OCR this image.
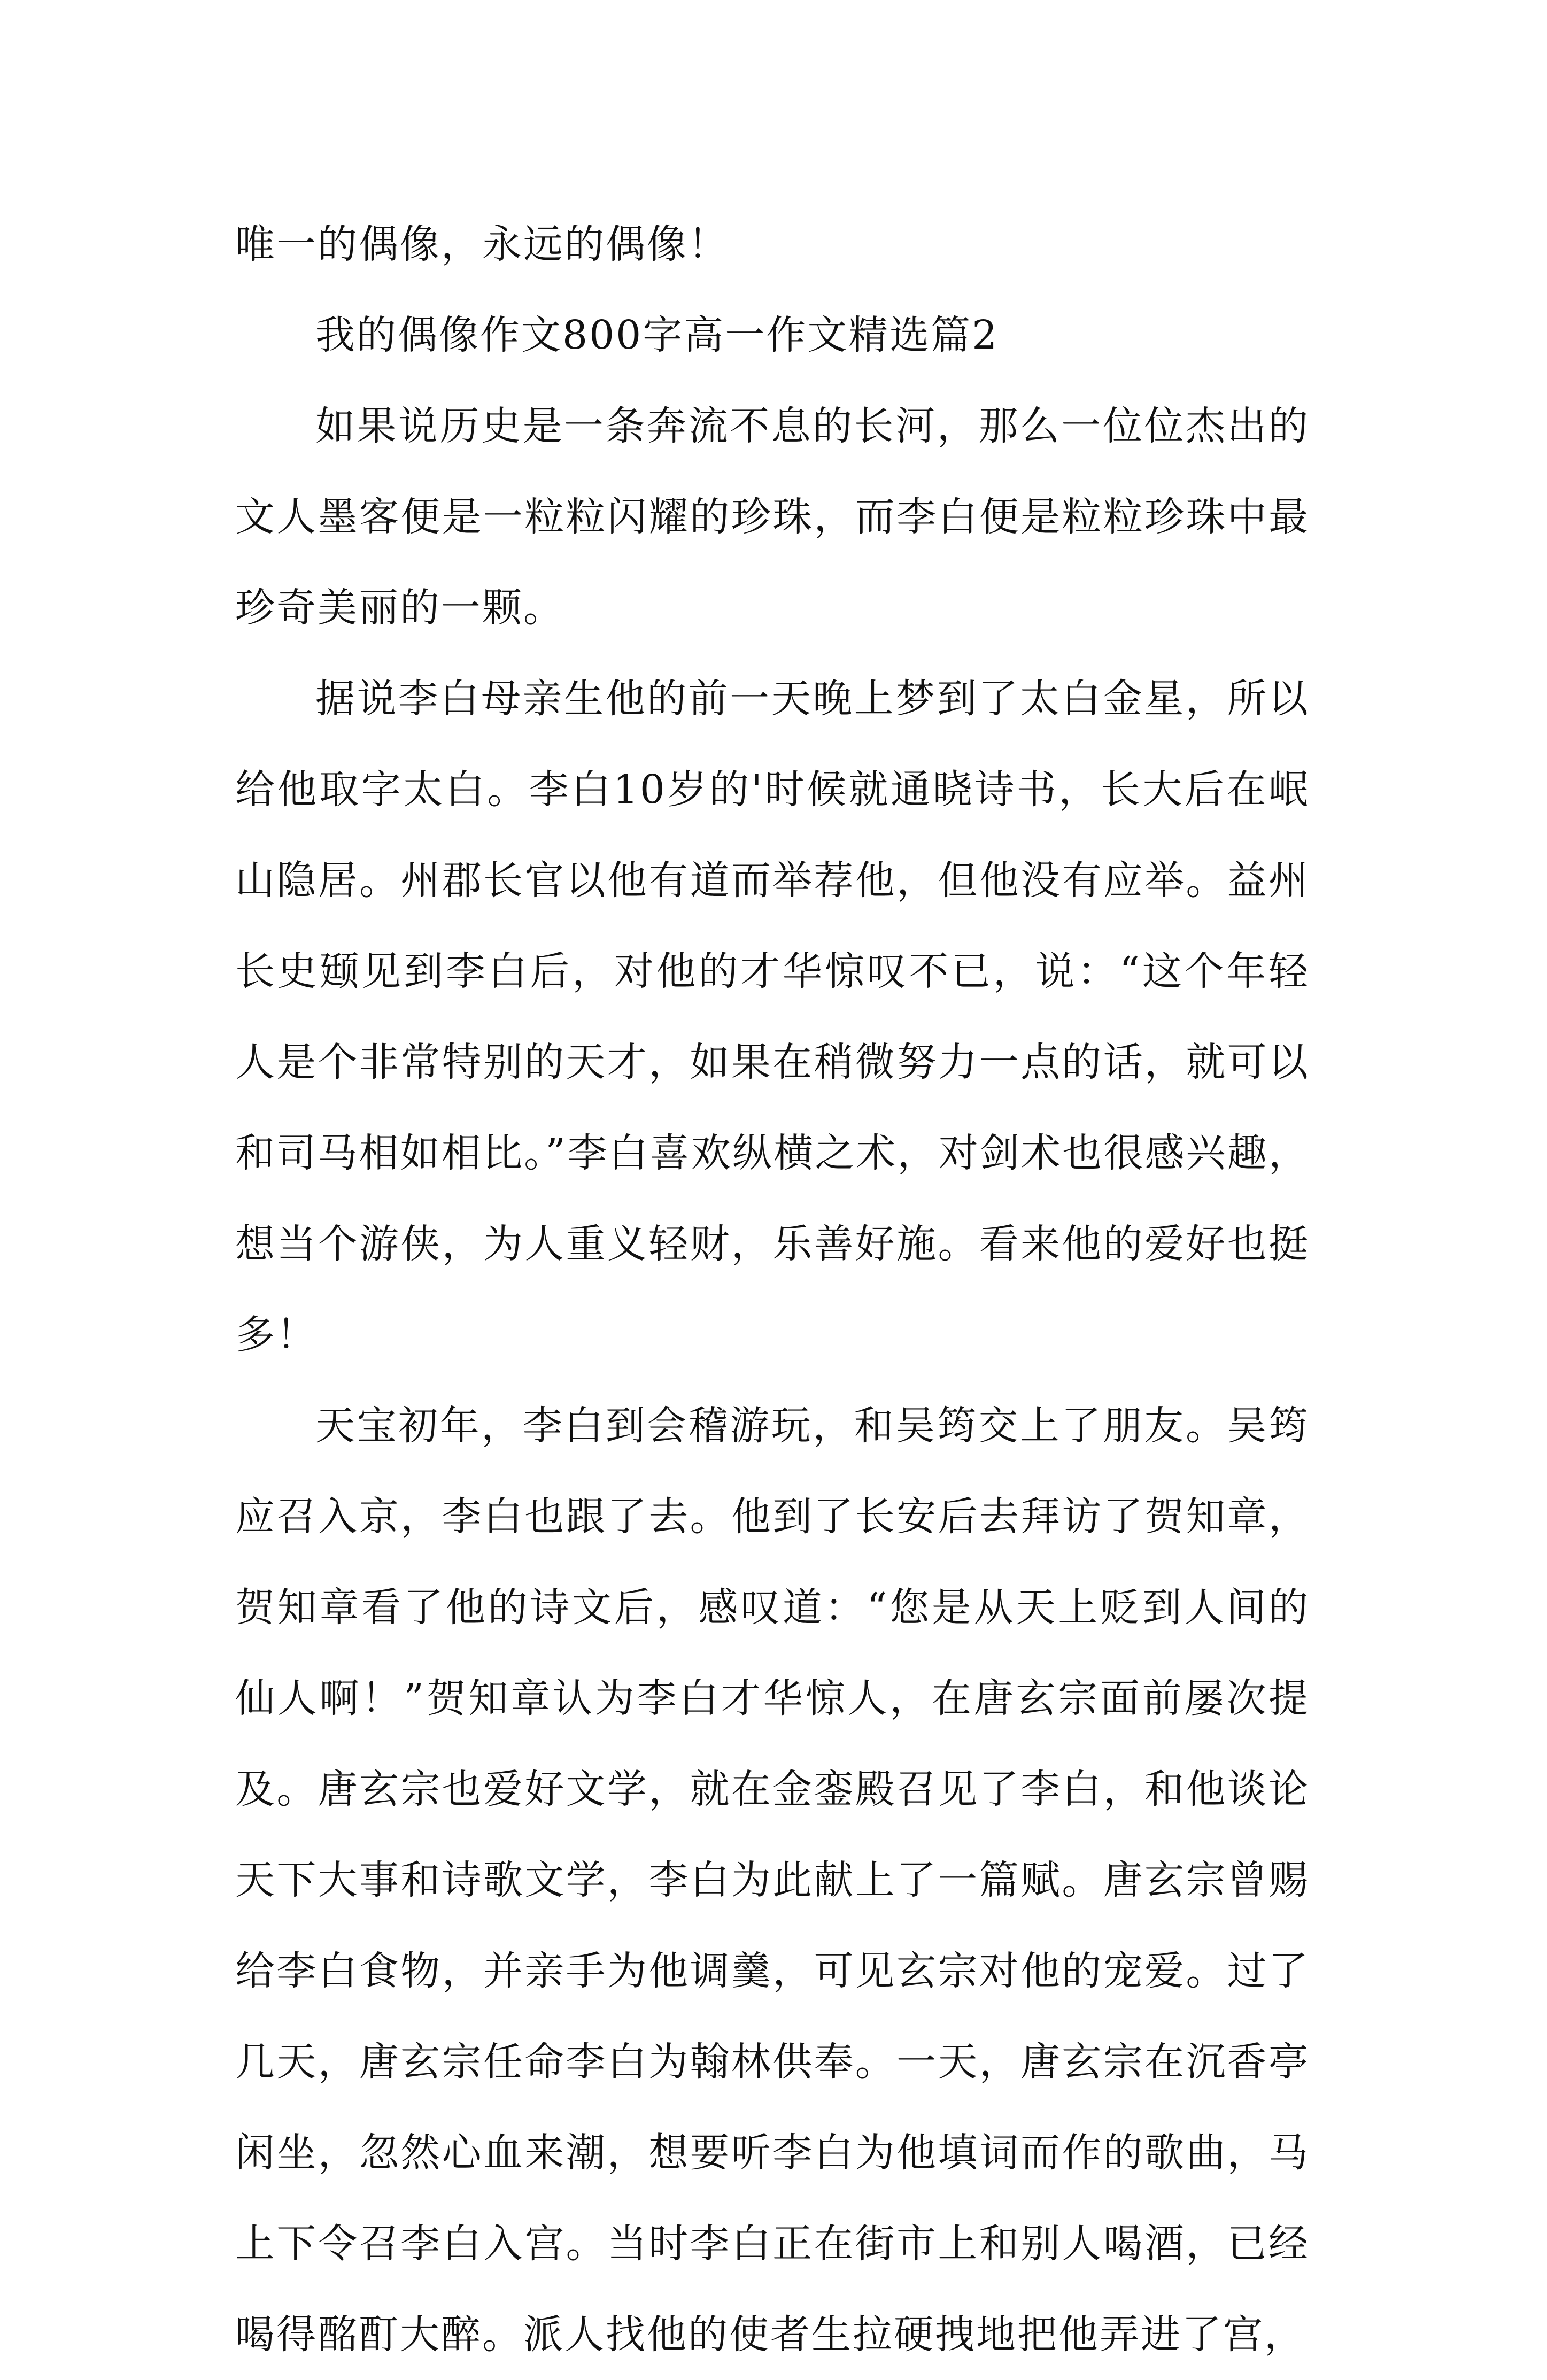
唯一的偶像，永远的偶像！

我的偶像作文800字高一作文精选篇2

如果说历史是一条奔流不息的长河，那么一位位杰出的文人墨客便是一粒粒闪耀的珍珠，而李白便是粒粒珍珠中最珍奇美丽的一颗。

据说李白母亲生他的前一天晚上梦到了太白金星，所以给他取字太白。李白10岁的'时候就通晓诗书，长大后在岷山隐居。州郡长官以他有道而举荐他，但他没有应举。益州长史颋见到李白后，对他的才华惊叹不已，说：“这个年轻人是个非常特别的天才，如果在稍微努力一点的话，就可以和司马相如相比。”李白喜欢纵横之术，对剑术也很感兴趣，想当个游侠，为人重义轻财，乐善好施。看来他的爱好也挺多！

天宝初年，李白到会稽游玩，和吴筠交上了朋友。吴筠应召入京，李白也跟了去。他到了长安后去拜访了贺知章，贺知章看了他的诗文后，感叹道：“您是从天上贬到人间的仙人啊！”贺知章认为李白才华惊人，在唐玄宗面前屡次提及。唐玄宗也爱好文学，就在金銮殿召见了李白，和他谈论天下大事和诗歌文学，李白为此献上了一篇赋。唐玄宗曾赐给李白食物，并亲手为他调羹，可见玄宗对他的宠爱。过了几天，唐玄宗任命李白为翰林供奉。一天，唐玄宗在沉香亭闲坐，忽然心血来潮，想要听李白为他填词而作的歌曲，马上下令召李白入宫。当时李白正在街市上和别人喝酒，已经喝得酩酊大醉。派人找他的使者生拉硬拽地把他弄进了宫，
